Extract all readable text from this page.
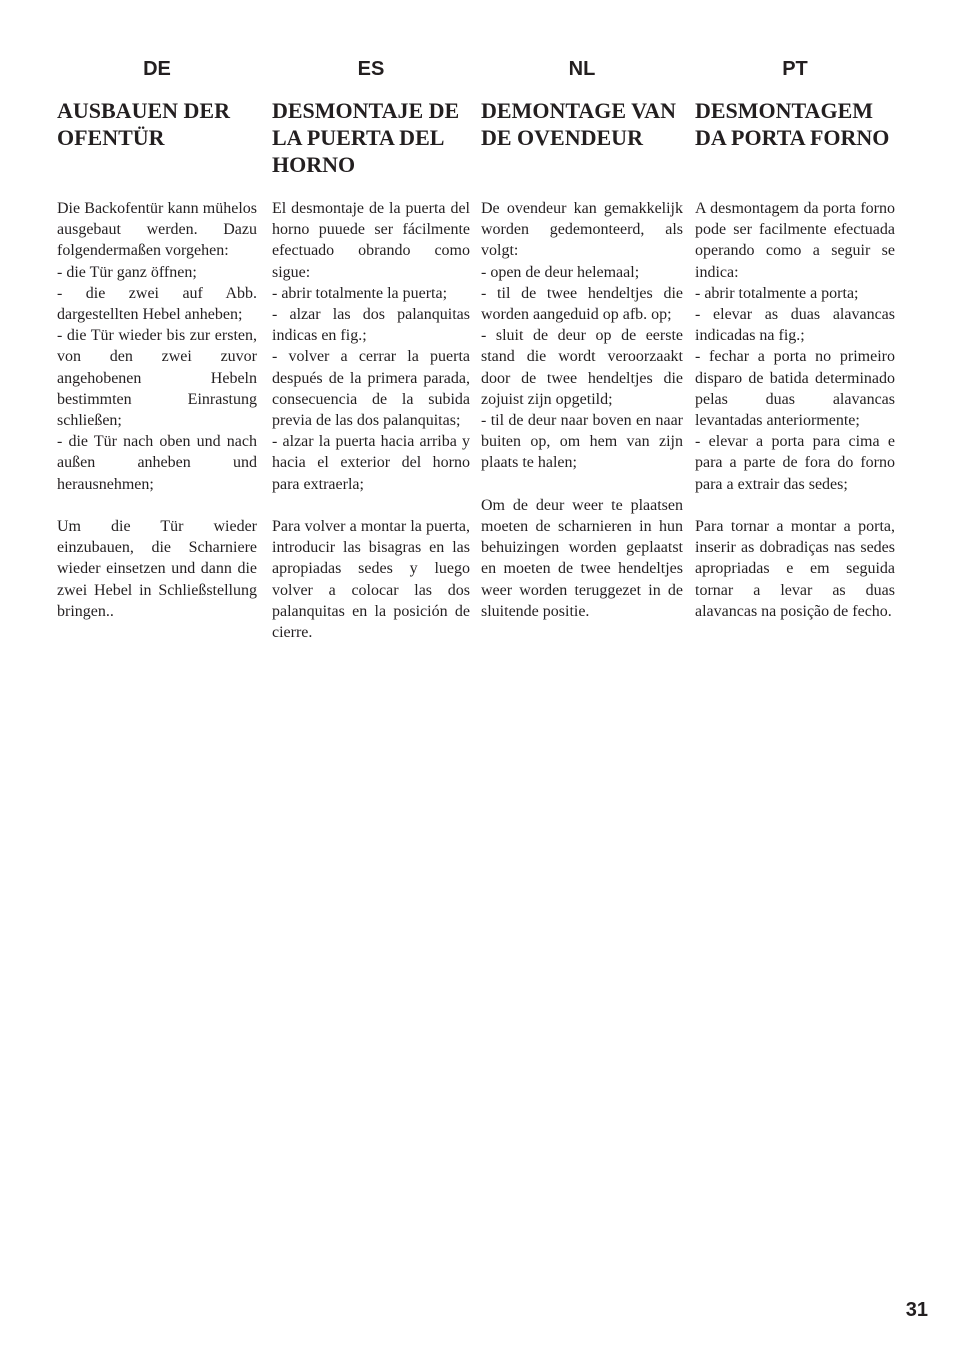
DE
AUSBAUEN DER
OFENTÜR

Die Backofentür kann mühelos ausgebaut werden. Dazu folgendermaßen vorgehen:

- die Tür ganz öffnen;

- die zwei auf Abb. dargestellten Hebel anheben;

- die Tür wieder bis zur ersten, von den zwei zuvor angehobenen Hebeln bestimmten Einrastung schließen;

- die Tür nach oben und nach außen anheben und herausnehmen;

Um die Tür wieder einzubauen, die Scharniere wieder einsetzen und dann die zwei Hebel in Schließstellung bringen..

ES
DESMONTAJE DE
LA PUERTA DEL
HORNO

El desmontaje de la puerta del horno puuede ser fácilmente efectuado obrando como sigue:

- abrir totalmente la puerta;

- alzar las dos palanquitas indicas en fig.;

- volver a cerrar la puerta después de la primera parada, consecuencia de la subida previa de las dos palanquitas;

- alzar la puerta hacia arriba y hacia el exterior del horno para extraerla;

Para volver a montar la puerta, introducir las bisagras en las apropiadas sedes y luego volver a colocar las dos palanquitas en la posición de cierre.

NL
DEMONTAGE VAN
DE OVENDEUR

De ovendeur kan gemakkelijk worden gedemonteerd, als volgt:

- open de deur helemaal;

- til de twee hendeltjes die worden aangeduid op afb. op;

- sluit de deur op de eerste stand die wordt veroorzaakt door de twee hendeltjes die zojuist zijn opgetild;

- til de deur naar boven en naar buiten op, om hem van zijn plaats te halen;

Om de deur weer te plaatsen moeten de scharnieren in hun behuizingen worden geplaatst en moeten de twee hendeltjes weer worden teruggezet in de sluitende positie.

PT
DESMONTAGEM
DA PORTA FORNO

A desmontagem da porta forno pode ser facilmente efectuada operando como a seguir se indica:

- abrir totalmente a porta;

- elevar as duas alavancas indicadas na fig.;

- fechar a porta no primeiro disparo de batida determinado pelas duas alavancas levantadas anteriormente;

- elevar a porta para cima e para a parte de fora do forno para a extrair das sedes;

Para tornar a montar a porta, inserir as dobradiças nas sedes apropriadas e em seguida tornar a levar as duas alavancas na posição de fecho.

31
